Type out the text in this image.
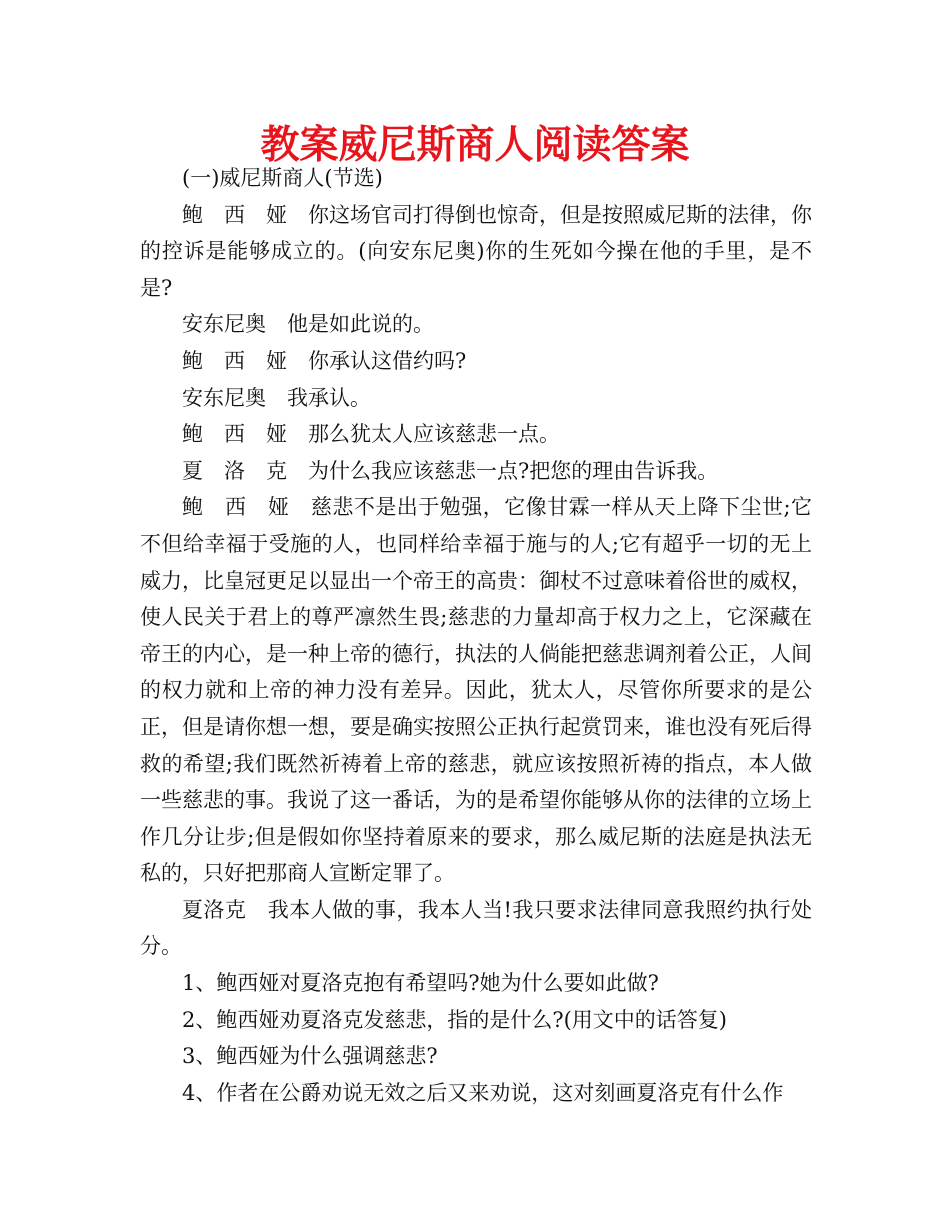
教案威尼斯商人阅读答案

(一)威尼斯商人(节选)

鲍　西　娅　你这场官司打得倒也惊奇，但是按照威尼斯的法律，你的控诉是能够成立的。(向安东尼奥)你的生死如今操在他的手里，是不是?

安东尼奥　他是如此说的。

鲍　西　娅　你承认这借约吗?

安东尼奥　我承认。

鲍　西　娅　那么犹太人应该慈悲一点。

夏　洛　克　为什么我应该慈悲一点?把您的理由告诉我。

鲍　西　娅　慈悲不是出于勉强，它像甘霖一样从天上降下尘世;它不但给幸福于受施的人，也同样给幸福于施与的人;它有超乎一切的无上威力，比皇冠更足以显出一个帝王的高贵：御杖不过意味着俗世的威权，使人民关于君上的尊严凛然生畏;慈悲的力量却高于权力之上，它深藏在帝王的内心，是一种上帝的德行，执法的人倘能把慈悲调剂着公正，人间的权力就和上帝的神力没有差异。因此，犹太人，尽管你所要求的是公正，但是请你想一想，要是确实按照公正执行起赏罚来，谁也没有死后得救的希望;我们既然祈祷着上帝的慈悲，就应该按照祈祷的指点，本人做一些慈悲的事。我说了这一番话，为的是希望你能够从你的法律的立场上作几分让步;但是假如你坚持着原来的要求，那么威尼斯的法庭是执法无私的，只好把那商人宣断定罪了。

夏洛克　我本人做的事，我本人当!我只要求法律同意我照约执行处分。

1、鲍西娅对夏洛克抱有希望吗?她为什么要如此做?

2、鲍西娅劝夏洛克发慈悲，指的是什么?(用文中的话答复)

3、鲍西娅为什么强调慈悲?

4、作者在公爵劝说无效之后又来劝说，这对刻画夏洛克有什么作
